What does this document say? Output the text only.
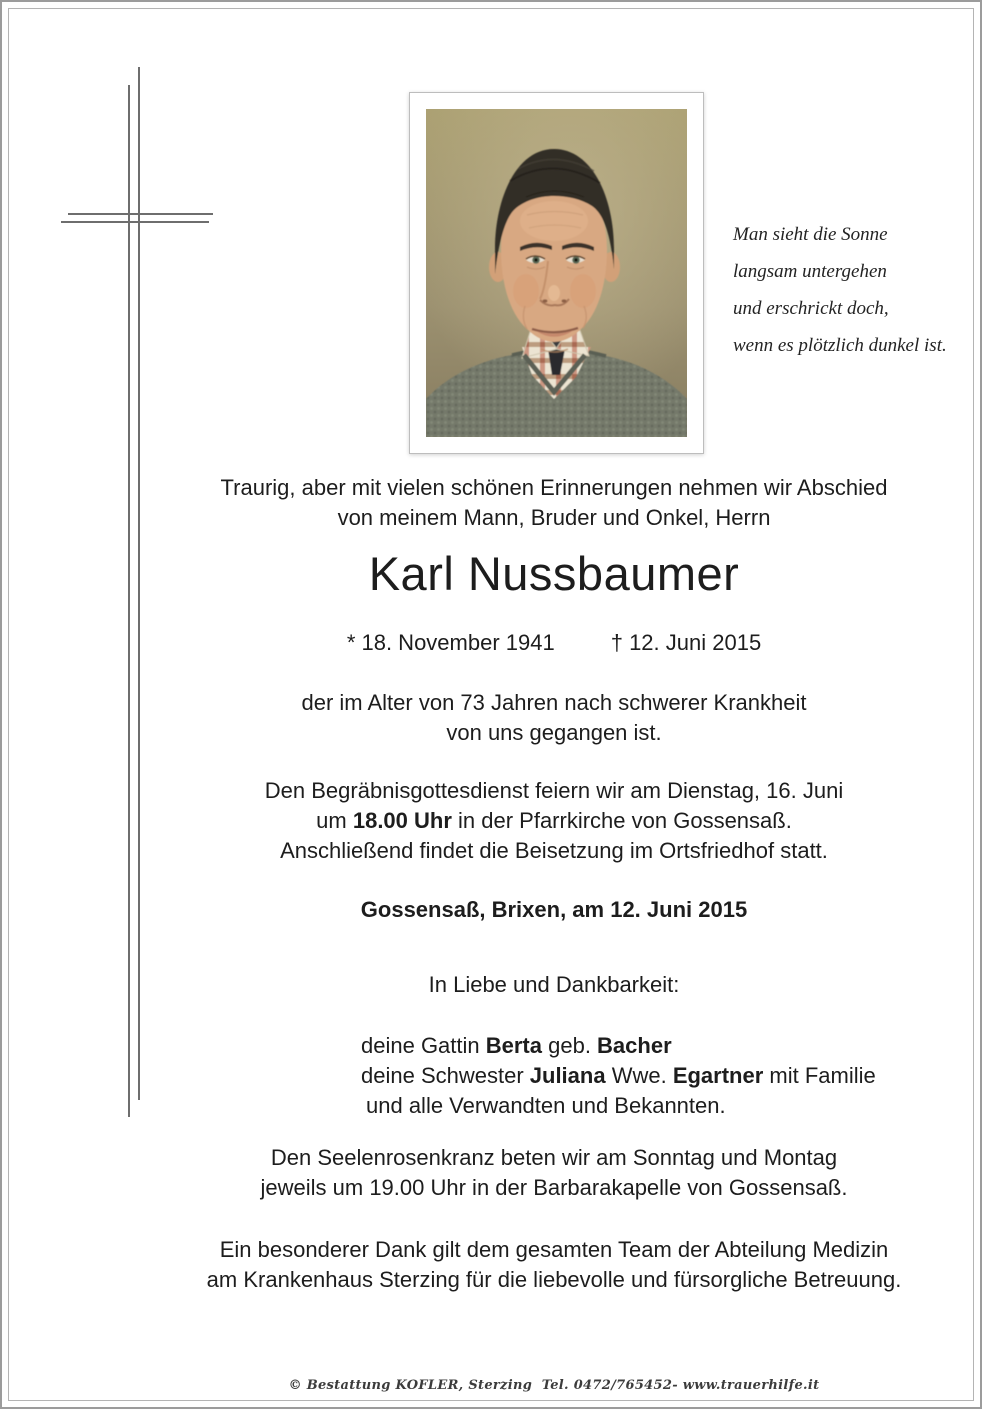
Man sieht die Sonne
langsam untergehen
und erschrickt doch,
wenn es plötzlich dunkel ist.
Traurig, aber mit vielen schönen Erinnerungen nehmen wir Abschied
von meinem Mann, Bruder und Onkel, Herrn
Karl Nussbaumer
* 18. November 1941	† 12. Juni 2015
der im Alter von 73 Jahren nach schwerer Krankheit
von uns gegangen ist.
Den Begräbnisgottesdienst feiern wir am Dienstag, 16. Juni
um 18.00 Uhr in der Pfarrkirche von Gossensaß.
Anschließend findet die Beisetzung im Ortsfriedhof statt.
Gossensaß, Brixen, am 12. Juni 2015
In Liebe und Dankbarkeit:
deine Gattin Berta geb. Bacher
deine Schwester Juliana Wwe. Egartner mit Familie
und alle Verwandten und Bekannten.
Den Seelenrosenkranz beten wir am Sonntag und Montag
jeweils um 19.00 Uhr in der Barbarakapelle von Gossensaß.
Ein besonderer Dank gilt dem gesamten Team der Abteilung Medizin
am Krankenhaus Sterzing für die liebevolle und fürsorgliche Betreuung.
© Bestattung KOFLER, Sterzing  Tel. 0472/765452- www.trauerhilfe.it
